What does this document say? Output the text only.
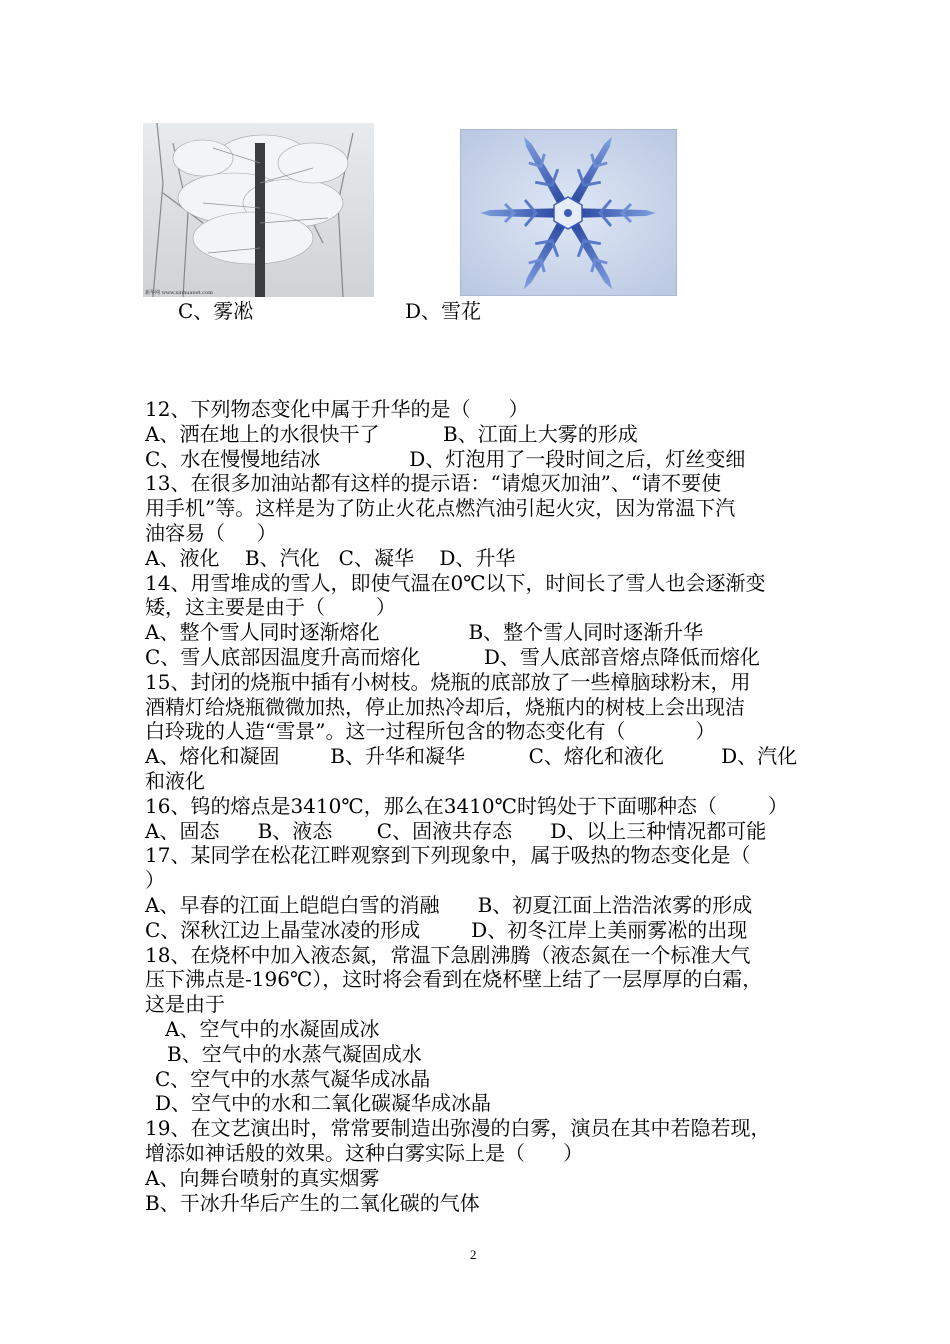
新华网 www.xinhuanet.com
C、雾凇	D、雪花
12、下列物态变化中属于升华的是（      ）
A、洒在地上的水很快干了          B、江面上大雾的形成
C、水在慢慢地结冰              D、灯泡用了一段时间之后，灯丝变细
13、在很多加油站都有这样的提示语：“请熄灭加油”、“请不要使
用手机”等。这样是为了防止火花点燃汽油引起火灾，因为常温下汽
油容易（     ）
A、液化    B、汽化   C、凝华    D、升华
14、用雪堆成的雪人，即使气温在0℃以下，时间长了雪人也会逐渐变
矮，这主要是由于（        ）
A、整个雪人同时逐渐熔化              B、整个雪人同时逐渐升华
C、雪人底部因温度升高而熔化          D、雪人底部音熔点降低而熔化
15、封闭的烧瓶中插有小树枝。烧瓶的底部放了一些樟脑球粉末，用
酒精灯给烧瓶微微加热，停止加热冷却后，烧瓶内的树枝上会出现洁
白玲珑的人造“雪景”。这一过程所包含的物态变化有（           ）
A、熔化和凝固        B、升华和凝华          C、熔化和液化         D、汽化
和液化
16、钨的熔点是3410℃，那么在3410℃时钨处于下面哪种态（        ）
A、固态      B、液态       C、固液共存态      D、以上三种情况都可能
17、某同学在松花江畔观察到下列现象中，属于吸热的物态变化是（
）
A、早春的江面上皑皑白雪的消融      B、初夏江面上浩浩浓雾的形成
C、深秋江边上晶莹冰凌的形成        D、初冬江岸上美丽雾凇的出现
18、在烧杯中加入液态氮，常温下急剧沸腾（液态氮在一个标准大气
压下沸点是-196℃），这时将会看到在烧杯壁上结了一层厚厚的白霜，
这是由于
A、空气中的水凝固成冰
B、空气中的水蒸气凝固成水
C、空气中的水蒸气凝华成冰晶
D、空气中的水和二氧化碳凝华成冰晶
19、在文艺演出时，常常要制造出弥漫的白雾，演员在其中若隐若现，
增添如神话般的效果。这种白雾实际上是（      ）
A、向舞台喷射的真实烟雾
B、干冰升华后产生的二氧化碳的气体
2
